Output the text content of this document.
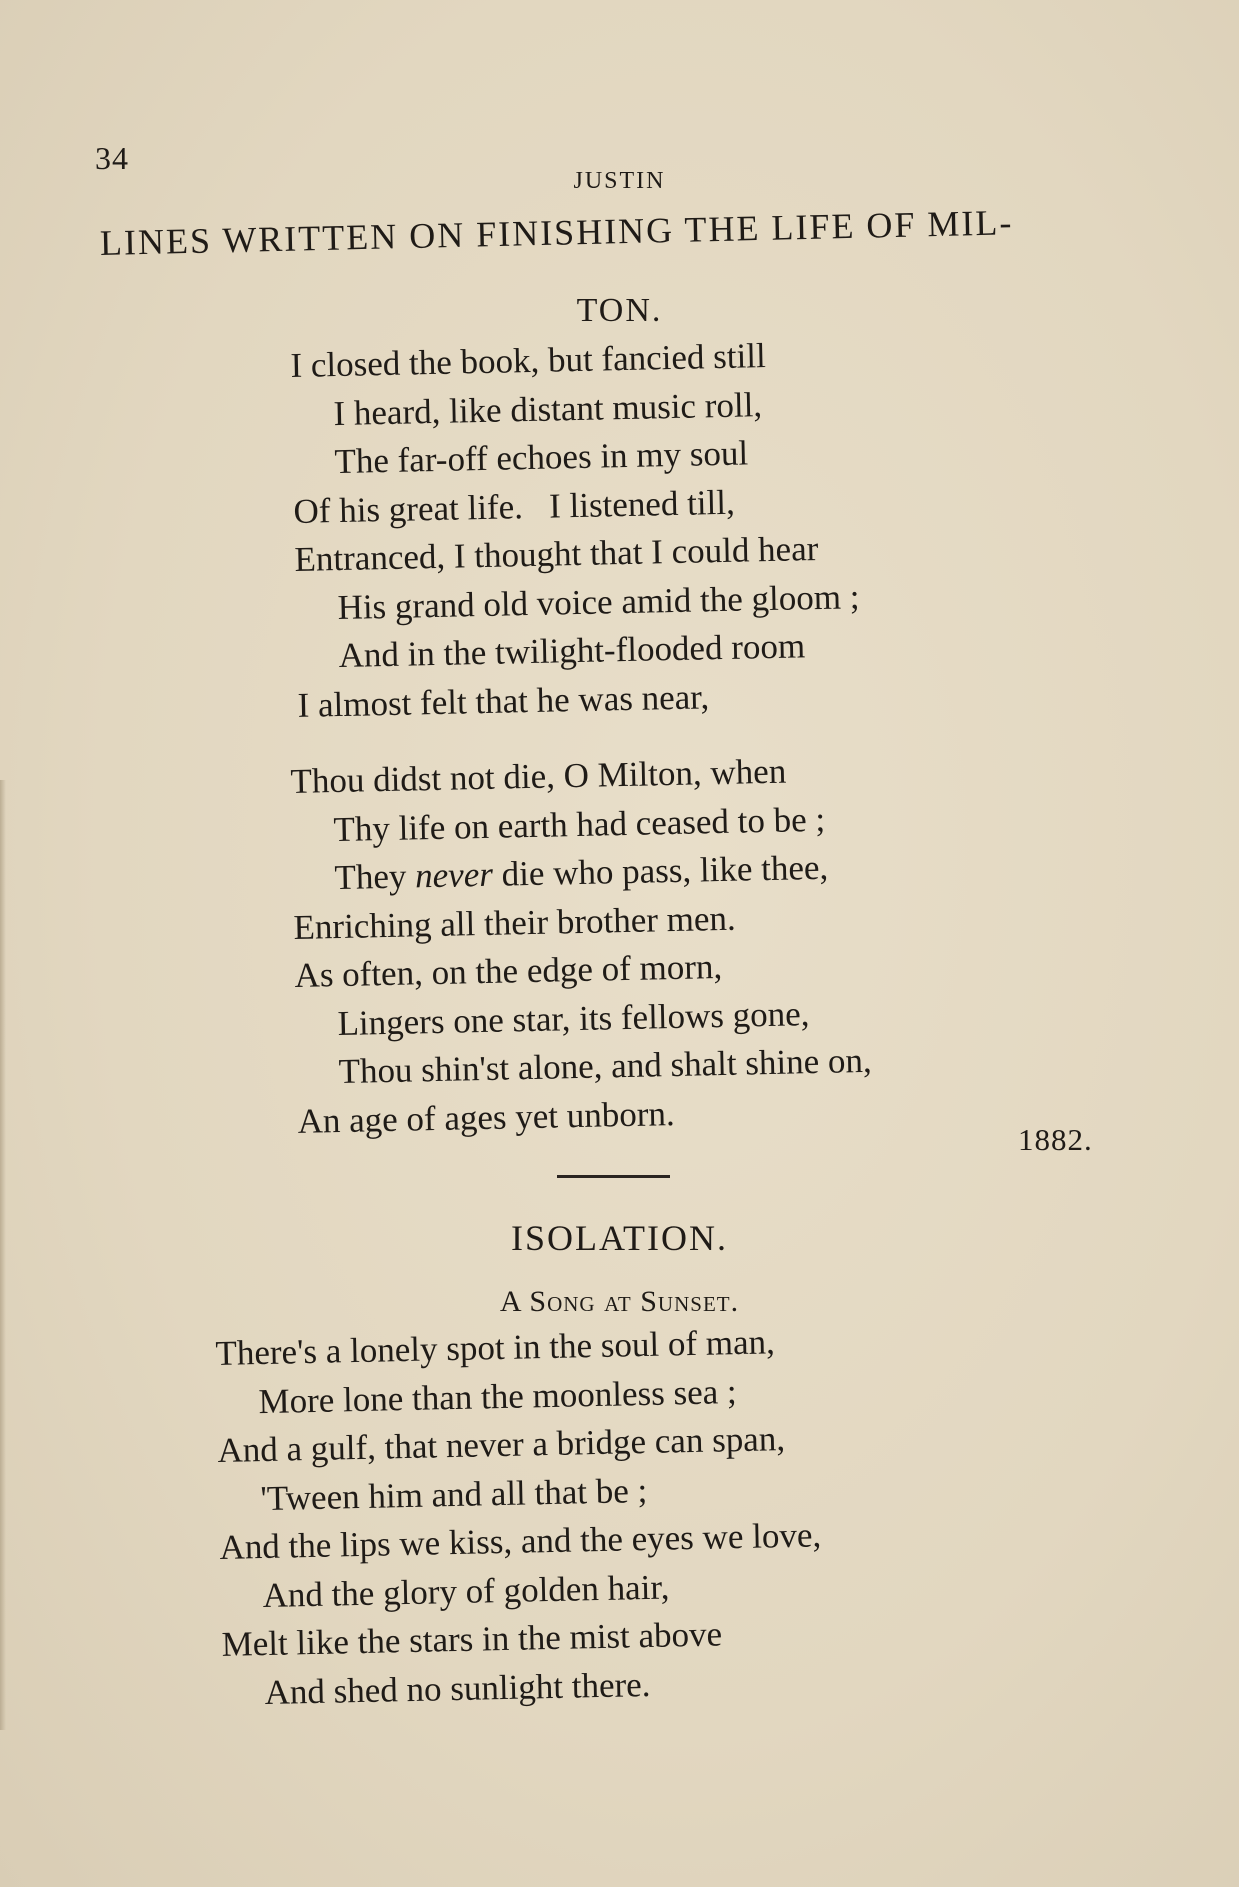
34
JUSTIN
LINES WRITTEN ON FINISHING THE LIFE OF MIL-
TON.
I closed the book, but fancied still
I heard, like distant music roll,
The far-off echoes in my soul
Of his great life.   I listened till,
Entranced, I thought that I could hear
His grand old voice amid the gloom ;
And in the twilight-flooded room
I almost felt that he was near,
Thou didst not die, O Milton, when
Thy life on earth had ceased to be ;
They never die who pass, like thee,
Enriching all their brother men.
As often, on the edge of morn,
Lingers one star, its fellows gone,
Thou shin'st alone, and shalt shine on,
An age of ages yet unborn.	1882.
ISOLATION.
A Song at Sunset.
There's a lonely spot in the soul of man,
More lone than the moonless sea ;
And a gulf, that never a bridge can span,
'Tween him and all that be ;
And the lips we kiss, and the eyes we love,
And the glory of golden hair,
Melt like the stars in the mist above
And shed no sunlight there.
